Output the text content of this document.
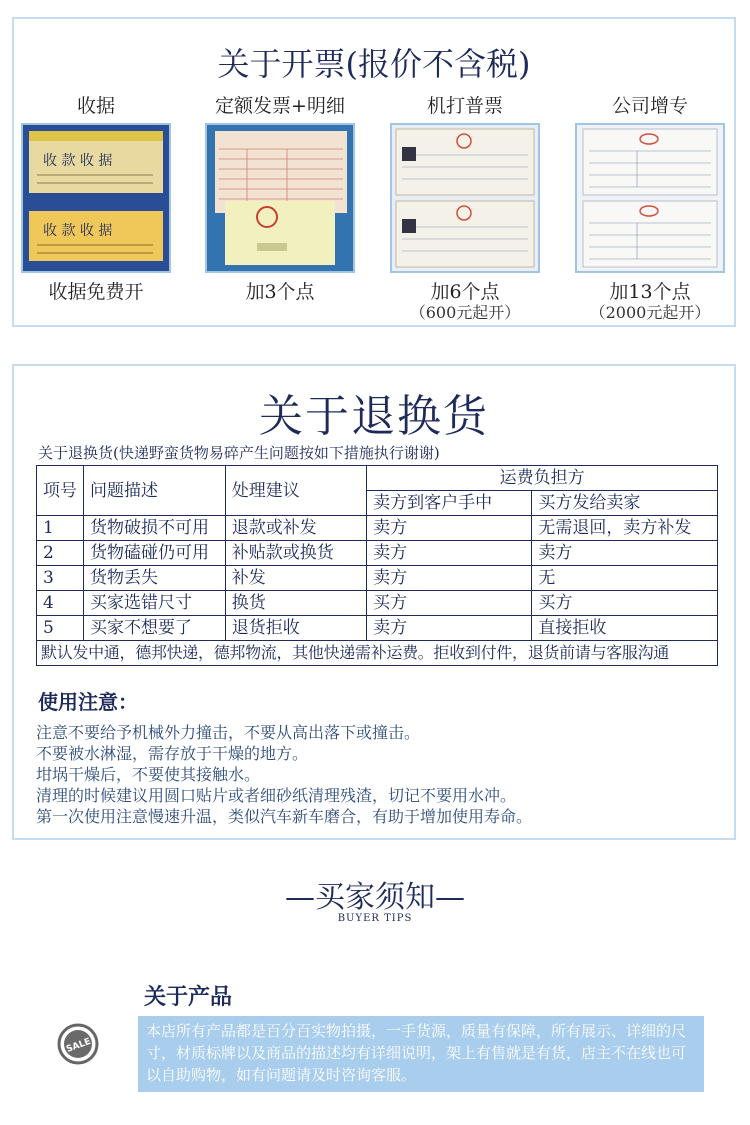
关于开票(报价不含税)
收据
收 款 收 据
收 款 收 据
收据免费开
定额发票+明细
加3个点
机打普票
加6个点
（600元起开）
公司增专
加13个点
（2000元起开）
关于退换货
关于退换货(快递野蛮货物易碎产生问题按如下措施执行谢谢)
项号	问题描述	处理建议	运费负担方	
			卖方到客户手中	买方发给卖家
1	货物破损不可用	退款或补发	卖方	无需退回，卖方补发
2	货物磕碰仍可用	补贴款或换货	卖方	卖方
3	货物丢失	补发	卖方	无
4	买家选错尺寸	换货	买方	买方
5	买家不想要了	退货拒收	卖方	直接拒收
默认发中通，德邦快递，德邦物流，其他快递需补运费。拒收到付件，退货前请与客服沟通				
使用注意：
注意不要给予机械外力撞击，不要从高出落下或撞击。
不要被水淋湿，需存放于干燥的地方。
坩埚干燥后，不要使其接触水。
清理的时候建议用圆口贴片或者细砂纸清理残渣，切记不要用水冲。
第一次使用注意慢速升温，类似汽车新车磨合，有助于增加使用寿命。
—买家须知—
BUYER TIPS
关于产品
SALE
本店所有产品都是百分百实物拍摄，一手货源，质量有保障，所有展示、详细的尺寸，材质标牌以及商品的描述均有详细说明，架上有售就是有货，店主不在线也可以自助购物，如有问题请及时咨询客服。
